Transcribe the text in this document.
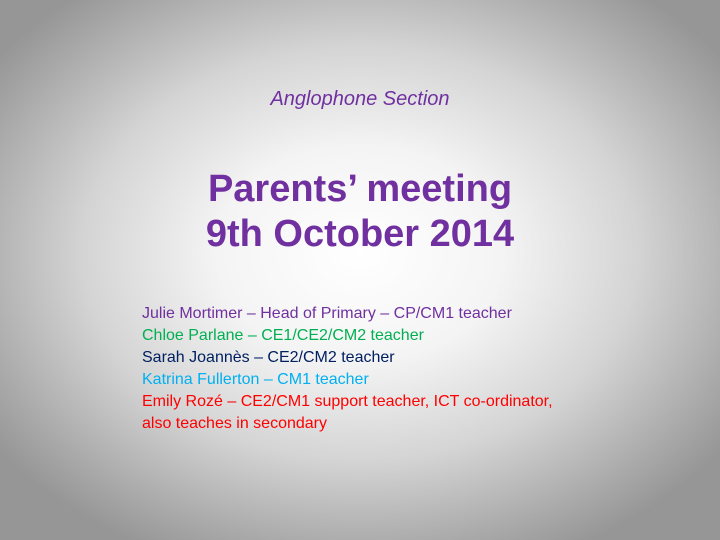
Anglophone Section
Parents’ meeting
9th October 2014
Julie Mortimer – Head of Primary – CP/CM1 teacher
Chloe Parlane – CE1/CE2/CM2 teacher
Sarah Joannès – CE2/CM2 teacher
Katrina Fullerton – CM1 teacher
Emily Rozé – CE2/CM1 support teacher, ICT co-ordinator,
also teaches in secondary
